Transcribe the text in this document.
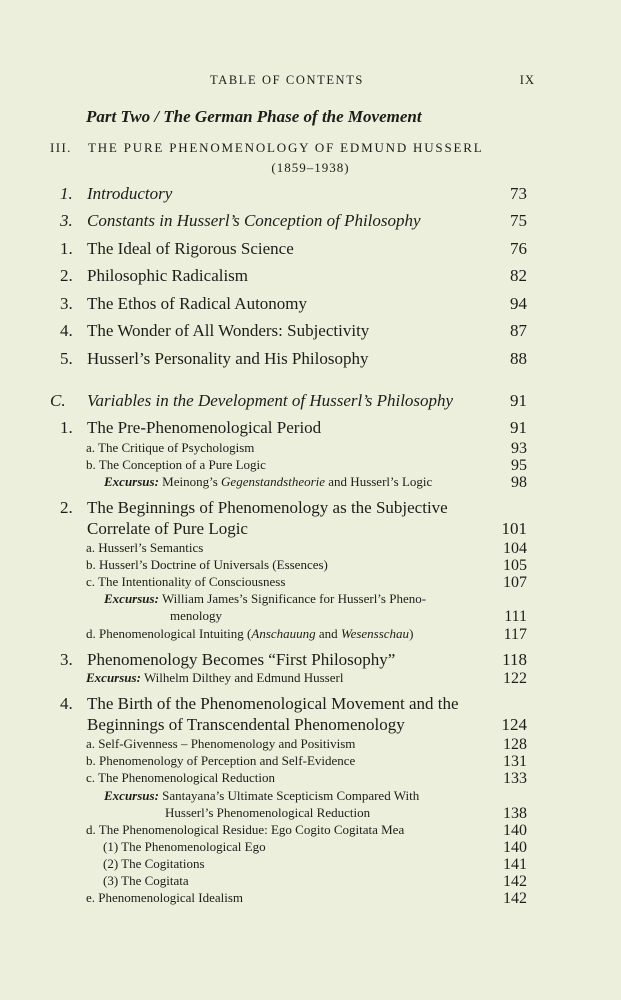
TABLE OF CONTENTS	IX
Part Two / The German Phase of the Movement
III. THE PURE PHENOMENOLOGY OF EDMUND HUSSERL
(1859–1938)
1. Introductory	73
3. Constants in Husserl’s Conception of Philosophy	75
1. The Ideal of Rigorous Science	76
2. Philosophic Radicalism	82
3. The Ethos of Radical Autonomy	94
4. The Wonder of All Wonders: Subjectivity	87
5. Husserl’s Personality and His Philosophy	88
C. Variables in the Development of Husserl’s Philosophy	91
1. The Pre-Phenomenological Period	91
a. The Critique of Psychologism	93
b. The Conception of a Pure Logic	95
Excursus: Meinong’s Gegenstandstheorie and Husserl’s Logic	98
2. The Beginnings of Phenomenology as the Subjective
Correlate of Pure Logic	101
a. Husserl’s Semantics	104
b. Husserl’s Doctrine of Universals (Essences)	105
c. The Intentionality of Consciousness	107
Excursus: William James’s Significance for Husserl’s Pheno-
menology	111
d. Phenomenological Intuiting (Anschauung and Wesensschau)	117
3. Phenomenology Becomes “First Philosophy”	118
Excursus: Wilhelm Dilthey and Edmund Husserl	122
4. The Birth of the Phenomenological Movement and the
Beginnings of Transcendental Phenomenology	124
a. Self-Givenness – Phenomenology and Positivism	128
b. Phenomenology of Perception and Self-Evidence	131
c. The Phenomenological Reduction	133
Excursus: Santayana’s Ultimate Scepticism Compared With
Husserl’s Phenomenological Reduction	138
d. The Phenomenological Residue: Ego Cogito Cogitata Mea	140
(1) The Phenomenological Ego	140
(2) The Cogitations	141
(3) The Cogitata	142
e. Phenomenological Idealism	142
